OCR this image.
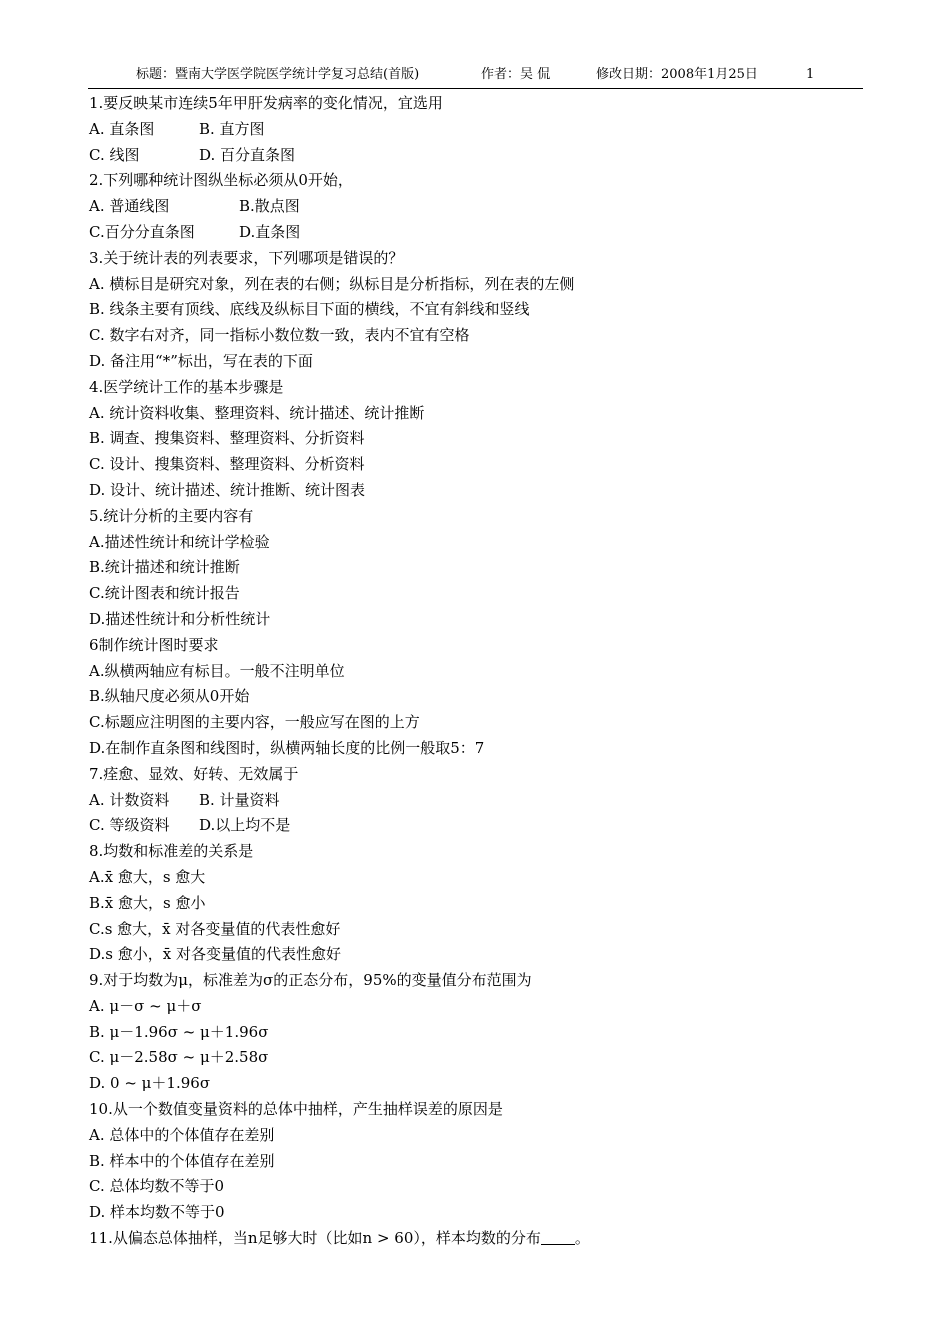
标题：暨南大学医学院医学统计学复习总结(首版)	作者：吴 侃	修改日期：2008年1月25日	1
1.要反映某市连续5年甲肝发病率的变化情况，宜选用
A. 直条图	B. 直方图
C. 线图	D. 百分直条图
2.下列哪种统计图纵坐标必须从0开始，
A. 普通线图	B.散点图
C.百分分直条图	D.直条图
3.关于统计表的列表要求，下列哪项是错误的？
A. 横标目是研究对象，列在表的右侧；纵标目是分析指标，列在表的左侧
B. 线条主要有顶线、底线及纵标目下面的横线，不宜有斜线和竖线
C. 数字右对齐，同一指标小数位数一致，表内不宜有空格
D. 备注用“*”标出，写在表的下面
4.医学统计工作的基本步骤是
A. 统计资料收集、整理资料、统计描述、统计推断
B. 调查、搜集资料、整理资料、分折资料
C. 设计、搜集资料、整理资料、分析资料
D. 设计、统计描述、统计推断、统计图表
5.统计分析的主要内容有
A.描述性统计和统计学检验
B.统计描述和统计推断
C.统计图表和统计报告
D.描述性统计和分析性统计
6制作统计图时要求
A.纵横两轴应有标目。一般不注明单位
B.纵轴尺度必须从0开始
C.标题应注明图的主要内容，一般应写在图的上方
D.在制作直条图和线图时，纵横两轴长度的比例一般取5：7
7.痊愈、显效、好转、无效属于
A. 计数资料 B. 计量资料
C. 等级资料 D.以上均不是
8.均数和标准差的关系是
A.x̄ 愈大，s 愈大
B.x̄ 愈大，s 愈小
C.s 愈大，x̄ 对各变量值的代表性愈好
D.s 愈小，x̄ 对各变量值的代表性愈好
9.对于均数为μ，标准差为σ的正态分布，95%的变量值分布范围为
A. μ－σ ~ μ＋σ
B. μ－1.96σ ~ μ＋1.96σ
C. μ－2.58σ ~ μ＋2.58σ
D. 0 ~ μ＋1.96σ
10.从一个数值变量资料的总体中抽样，产生抽样误差的原因是
A. 总体中的个体值存在差别
B. 样本中的个体值存在差别
C. 总体均数不等于0
D. 样本均数不等于0
11.从偏态总体抽样，当n足够大时（比如n > 60），样本均数的分布 。
